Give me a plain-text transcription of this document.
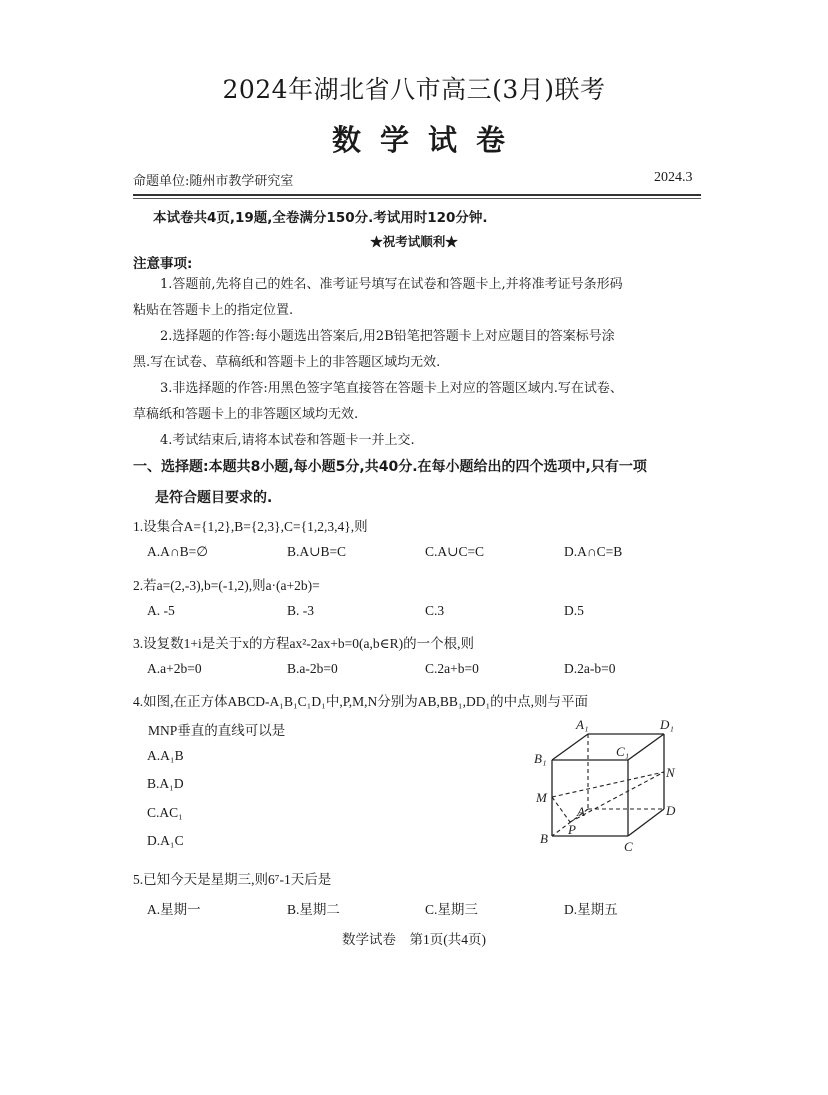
2024年湖北省八市高三(3月)联考
数学试卷
命题单位:随州市教学研究室	2024.3
本试卷共4页,19题,全卷满分150分.考试用时120分钟.
★祝考试顺利★
注意事项:
1.答题前,先将自己的姓名、准考证号填写在试卷和答题卡上,并将准考证号条形码
粘贴在答题卡上的指定位置.
2.选择题的作答:每小题选出答案后,用2B铅笔把答题卡上对应题目的答案标号涂
黑.写在试卷、草稿纸和答题卡上的非答题区域均无效.
3.非选择题的作答:用黑色签字笔直接答在答题卡上对应的答题区域内.写在试卷、
草稿纸和答题卡上的非答题区域均无效.
4.考试结束后,请将本试卷和答题卡一并上交.
一、选择题:本题共8小题,每小题5分,共40分.在每小题给出的四个选项中,只有一项
是符合题目要求的.
1.设集合A={1,2},B={2,3},C={1,2,3,4},则
A.A∩B=∅	B.A∪B=C	C.A∪C=C	D.A∩C=B
2.若a=(2,-3),b=(-1,2),则a·(a+2b)=
A. -5	B. -3	C.3	D.5
3.设复数1+i是关于x的方程ax²-2ax+b=0(a,b∈R)的一个根,则
A.a+2b=0	B.a-2b=0	C.2a+b=0	D.2a-b=0
4.如图,在正方体ABCD-A₁B₁C₁D₁中,P,M,N分别为AB,BB₁,DD₁的中点,则与平面
MNP垂直的直线可以是
A.A₁B
B.A₁D
C.AC₁
D.A₁C
A₁	D₁
B₁	C₁
N
M
A	D
P
B
C
5.已知今天是星期三,则6⁷-1天后是
A.星期一	B.星期二	C.星期三	D.星期五
数学试卷　第1页(共4页)
